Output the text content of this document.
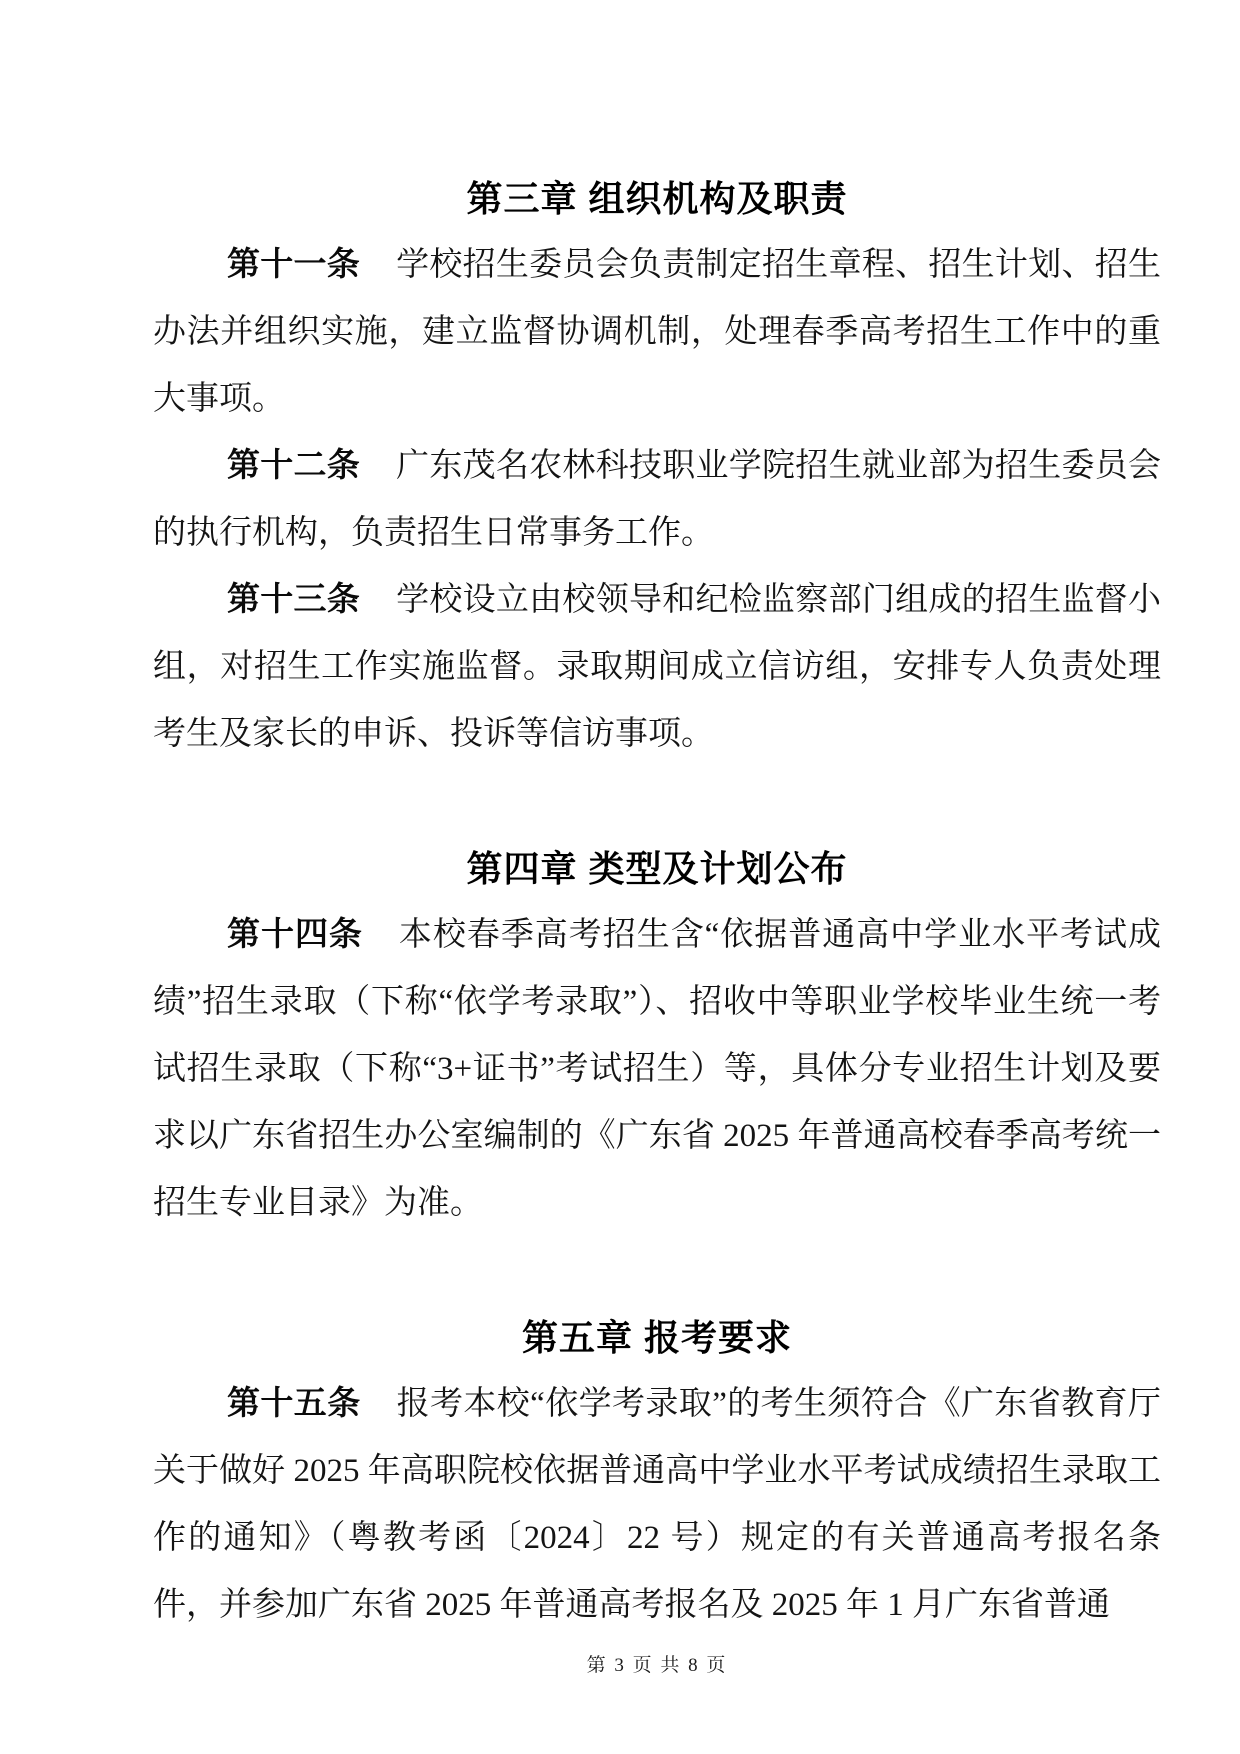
第三章 组织机构及职责

第十一条 学校招生委员会负责制定招生章程、招生计划、招生办法并组织实施，建立监督协调机制，处理春季高考招生工作中的重大事项。

第十二条 广东茂名农林科技职业学院招生就业部为招生委员会的执行机构，负责招生日常事务工作。

第十三条 学校设立由校领导和纪检监察部门组成的招生监督小组，对招生工作实施监督。录取期间成立信访组，安排专人负责处理考生及家长的申诉、投诉等信访事项。

第四章 类型及计划公布

第十四条 本校春季高考招生含“依据普通高中学业水平考试成绩”招生录取（下称“依学考录取”）、招收中等职业学校毕业生统一考试招生录取（下称“3+证书”考试招生）等，具体分专业招生计划及要求以广东省招生办公室编制的《广东省 2025 年普通高校春季高考统一招生专业目录》为准。

第五章 报考要求

第十五条 报考本校“依学考录取”的考生须符合《广东省教育厅关于做好 2025 年高职院校依据普通高中学业水平考试成绩招生录取工作的通知》（粤教考函〔2024〕22 号）规定的有关普通高考报名条件，并参加广东省 2025 年普通高考报名及 2025 年 1 月广东省普通

第 3 页 共 8 页
